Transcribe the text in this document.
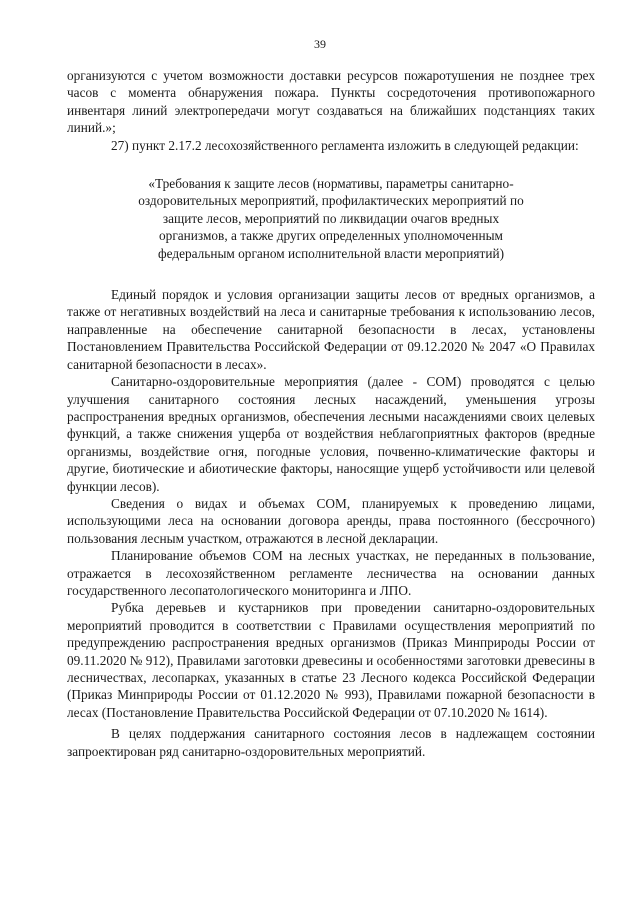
39

организуются с учетом возможности доставки ресурсов пожаротушения не позднее трех часов с момента обнаружения пожара. Пункты сосредоточения противопожарного инвентаря линий электропередачи могут создаваться на ближайших подстанциях таких линий.»;

27) пункт 2.17.2 лесохозяйственного регламента изложить в следующей редакции:

«Требования к защите лесов (нормативы, параметры санитарно-оздоровительных мероприятий, профилактических мероприятий по защите лесов, мероприятий по ликвидации очагов вредных организмов, а также других определенных уполномоченным федеральным органом исполнительной власти мероприятий)

Единый порядок и условия организации защиты лесов от вредных организмов, а также от негативных воздействий на леса и санитарные требования к использованию лесов, направленные на обеспечение санитарной безопасности в лесах, установлены Постановлением Правительства Российской Федерации от 09.12.2020 № 2047 «О Правилах санитарной безопасности в лесах».

Санитарно-оздоровительные мероприятия (далее - СОМ) проводятся с целью улучшения санитарного состояния лесных насаждений, уменьшения угрозы распространения вредных организмов, обеспечения лесными насаждениями своих целевых функций, а также снижения ущерба от воздействия неблагоприятных факторов (вредные организмы, воздействие огня, погодные условия, почвенно-климатические факторы и другие, биотические и абиотические факторы, наносящие ущерб устойчивости или целевой функции лесов).

Сведения о видах и объемах СОМ, планируемых к проведению лицами, использующими леса на основании договора аренды, права постоянного (бессрочного) пользования лесным участком, отражаются в лесной декларации.

Планирование объемов СОМ на лесных участках, не переданных в пользование, отражается в лесохозяйственном регламенте лесничества на основании данных государственного лесопатологического мониторинга и ЛПО.

Рубка деревьев и кустарников при проведении санитарно-оздоровительных мероприятий проводится в соответствии с Правилами осуществления мероприятий по предупреждению распространения вредных организмов (Приказ Минприроды России от 09.11.2020 № 912), Правилами заготовки древесины и особенностями заготовки древесины в лесничествах, лесопарках, указанных в статье 23 Лесного кодекса Российской Федерации (Приказ Минприроды России от 01.12.2020 № 993), Правилами пожарной безопасности в лесах (Постановление Правительства Российской Федерации от 07.10.2020 № 1614).

В целях поддержания санитарного состояния лесов в надлежащем состоянии запроектирован ряд санитарно-оздоровительных мероприятий.
